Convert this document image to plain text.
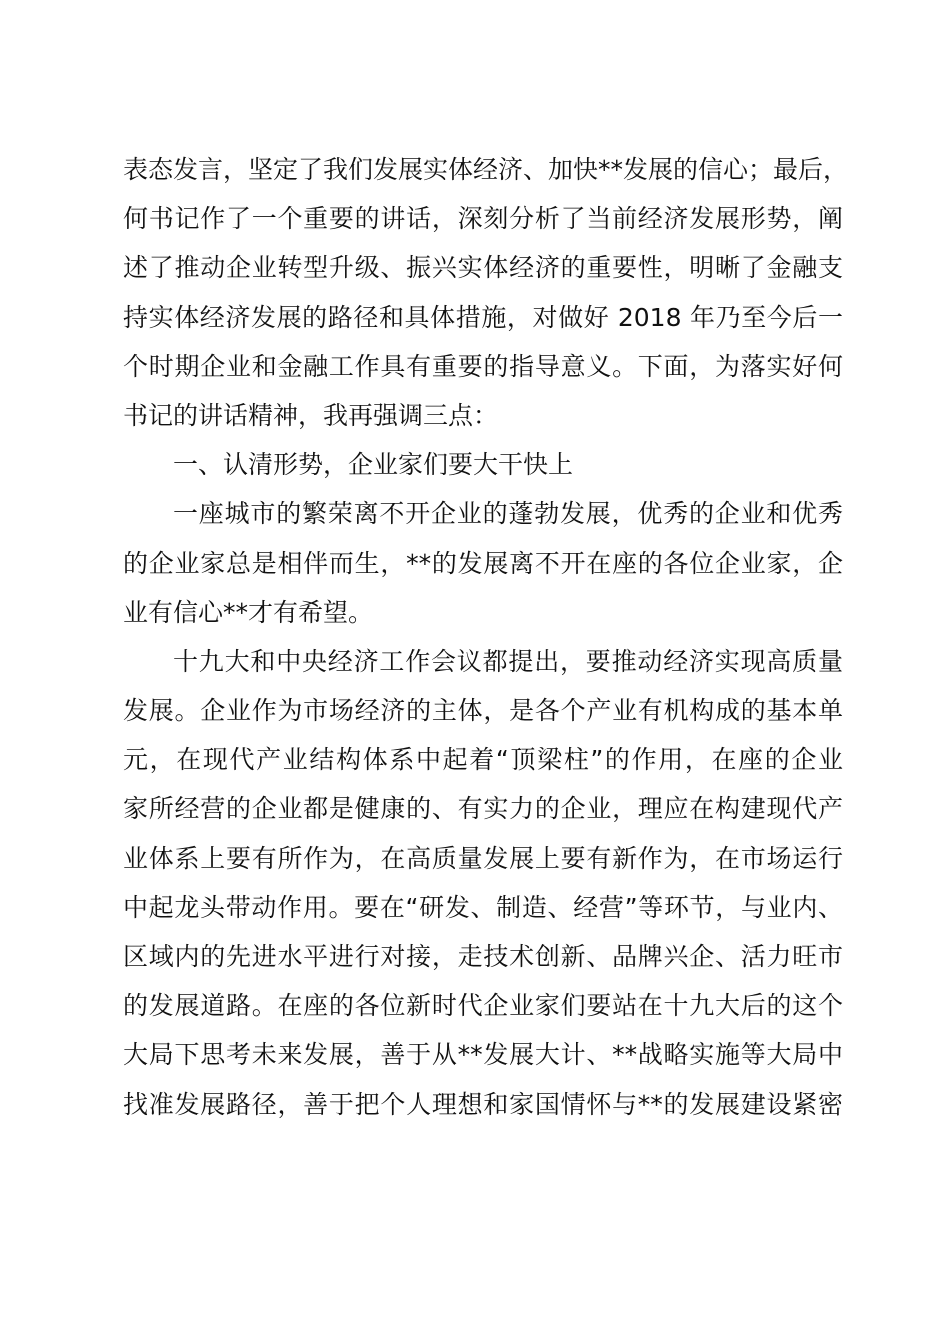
表态发言，坚定了我们发展实体经济、加快**发展的信心；最后，
何书记作了一个重要的讲话，深刻分析了当前经济发展形势，阐
述了推动企业转型升级、振兴实体经济的重要性，明晰了金融支
持实体经济发展的路径和具体措施，对做好 2018 年乃至今后一
个时期企业和金融工作具有重要的指导意义。下面，为落实好何
书记的讲话精神，我再强调三点：
一、认清形势，企业家们要大干快上
一座城市的繁荣离不开企业的蓬勃发展，优秀的企业和优秀
的企业家总是相伴而生，**的发展离不开在座的各位企业家，企
业有信心**才有希望。
十九大和中央经济工作会议都提出，要推动经济实现高质量
发展。企业作为市场经济的主体，是各个产业有机构成的基本单
元，在现代产业结构体系中起着“顶梁柱”的作用，在座的企业
家所经营的企业都是健康的、有实力的企业，理应在构建现代产
业体系上要有所作为，在高质量发展上要有新作为，在市场运行
中起龙头带动作用。要在“研发、制造、经营”等环节，与业内、
区域内的先进水平进行对接，走技术创新、品牌兴企、活力旺市
的发展道路。在座的各位新时代企业家们要站在十九大后的这个
大局下思考未来发展，善于从**发展大计、**战略实施等大局中
找准发展路径，善于把个人理想和家国情怀与**的发展建设紧密
